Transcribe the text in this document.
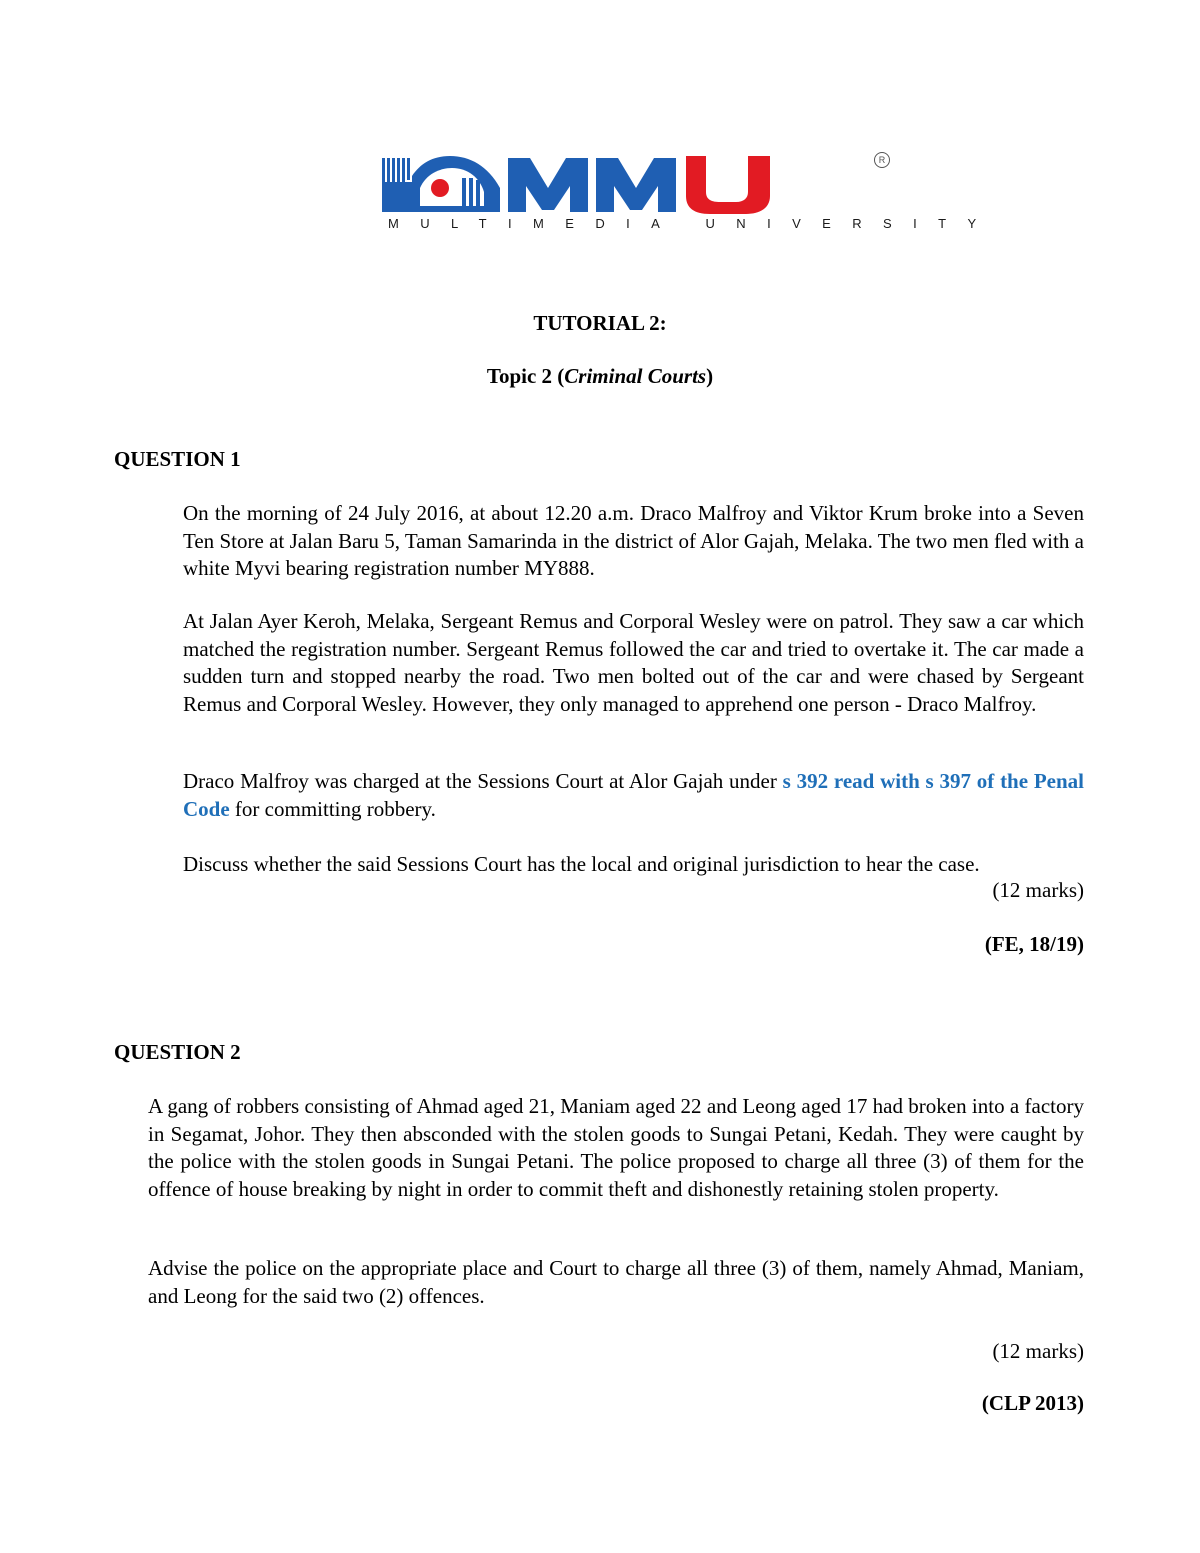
MULTIMEDIA UNIVERSITY
R
TUTORIAL 2:
Topic 2 (Criminal Courts)
QUESTION 1

On the morning of 24 July 2016, at about 12.20 a.m. Draco Malfroy and Viktor Krum broke into a Seven Ten Store at Jalan Baru 5, Taman Samarinda in the district of Alor Gajah, Melaka. The two men fled with a white Myvi bearing registration number MY888.

At Jalan Ayer Keroh, Melaka, Sergeant Remus and Corporal Wesley were on patrol. They saw a car which matched the registration number. Sergeant Remus followed the car and tried to overtake it. The car made a sudden turn and stopped nearby the road. Two men bolted out of the car and were chased by Sergeant Remus and Corporal Wesley. However, they only managed to apprehend one person - Draco Malfroy.

Draco Malfroy was charged at the Sessions Court at Alor Gajah under s 392 read with s 397 of the Penal Code for committing robbery.

Discuss whether the said Sessions Court has the local and original jurisdiction to hear the case.
(12 marks)
(FE, 18/19)
QUESTION 2

A gang of robbers consisting of Ahmad aged 21, Maniam aged 22 and Leong aged 17 had broken into a factory in Segamat, Johor. They then absconded with the stolen goods to Sungai Petani, Kedah. They were caught by the police with the stolen goods in Sungai Petani. The police proposed to charge all three (3) of them for the offence of house breaking by night in order to commit theft and dishonestly retaining stolen property.

Advise the police on the appropriate place and Court to charge all three (3) of them, namely Ahmad, Maniam, and Leong for the said two (2) offences.

(12 marks)
(CLP 2013)
